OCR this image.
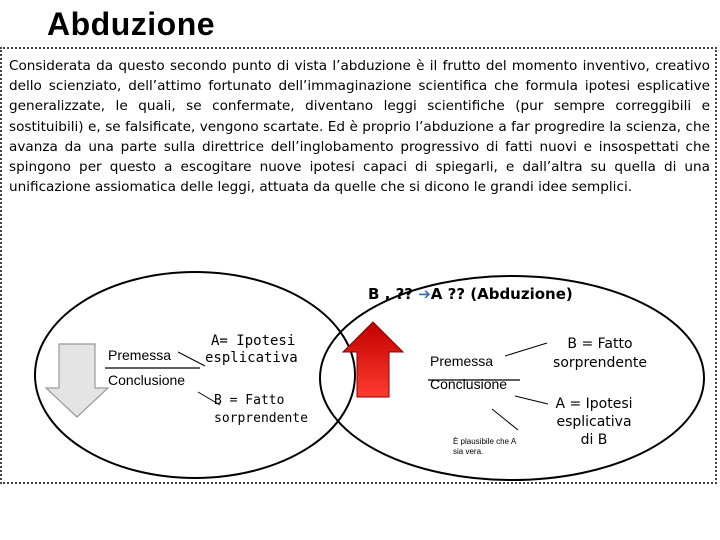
Abduzione
Considerata da questo secondo punto di vista l’abduzione è il frutto del momento inventivo, creativo dello scienziato, dell’attimo fortunato dell’immaginazione scientifica che formula ipotesi esplicative generalizzate, le quali, se confermate, diventano leggi scientifiche (pur sempre correggibili e sostituibili) e, se falsificate, vengono scartate. Ed è proprio l’abduzione a far progredire la scienza, che avanza da una parte sulla direttrice dell’inglobamento progressivo di fatti nuovi e insospettati che spingono per questo a escogitare nuove ipotesi capaci di spiegarli, e dall’altra su quella di una unificazione assiomatica delle leggi, attuata da quelle che si dicono le grandi idee semplici.
B , ?? ➔A ?? (Abduzione)
Premessa
Conclusione
A= Ipotesi
esplicativa
B = Fatto
sorprendente
Premessa
Conclusione
È plausibile che A
sia vera.
B = Fatto
sorprendente
A = Ipotesi
esplicativa
di B
